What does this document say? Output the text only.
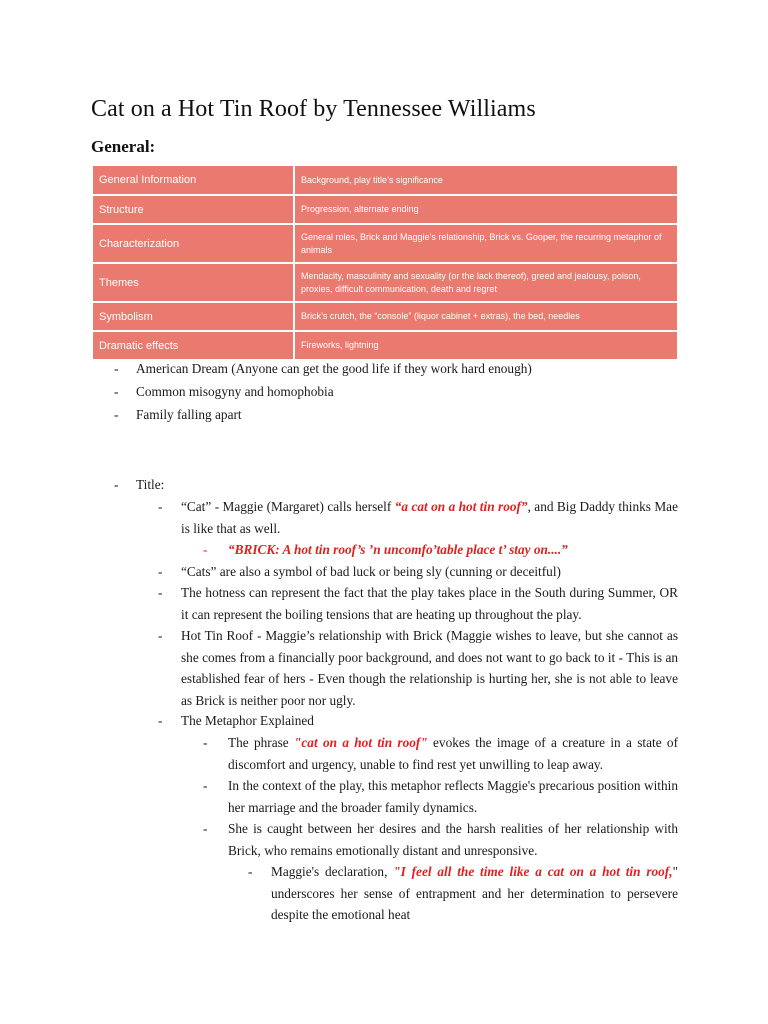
Cat on a Hot Tin Roof by Tennessee Williams
General:
General Information	Background, play title’s significance
Structure	Progression, alternate ending
Characterization	General roles, Brick and Maggie’s relationship, Brick vs. Gooper, the recurring metaphor of animals
Themes	Mendacity, masculinity and sexuality (or the lack thereof), greed and jealousy, poison, proxies, difficult communication, death and regret
Symbolism	Brick’s crutch, the “console” (liquor cabinet + extras), the bed, needles
Dramatic effects	Fireworks, lightning
- American Dream (Anyone can get the good life if they work hard enough)
- Common misogyny and homophobia
- Family falling apart
- Title:
- “Cat” - Maggie (Margaret) calls herself “a cat on a hot tin roof”, and Big Daddy thinks Mae is like that as well.
- “BRICK: A hot tin roof’s ’n uncomfo’table place t’ stay on....”
- “Cats” are also a symbol of bad luck or being sly (cunning or deceitful)
- The hotness can represent the fact that the play takes place in the South during Summer, OR it can represent the boiling tensions that are heating up throughout the play.
- Hot Tin Roof - Maggie’s relationship with Brick (Maggie wishes to leave, but she cannot as she comes from a financially poor background, and does not want to go back to it - This is an established fear of hers - Even though the relationship is hurting her, she is not able to leave as Brick is neither poor nor ugly.
- The Metaphor Explained
- The phrase "cat on a hot tin roof" evokes the image of a creature in a state of discomfort and urgency, unable to find rest yet unwilling to leap away.
- In the context of the play, this metaphor reflects Maggie's precarious position within her marriage and the broader family dynamics.
- She is caught between her desires and the harsh realities of her relationship with Brick, who remains emotionally distant and unresponsive.
- Maggie's declaration, "I feel all the time like a cat on a hot tin roof," underscores her sense of entrapment and her determination to persevere despite the emotional heat
